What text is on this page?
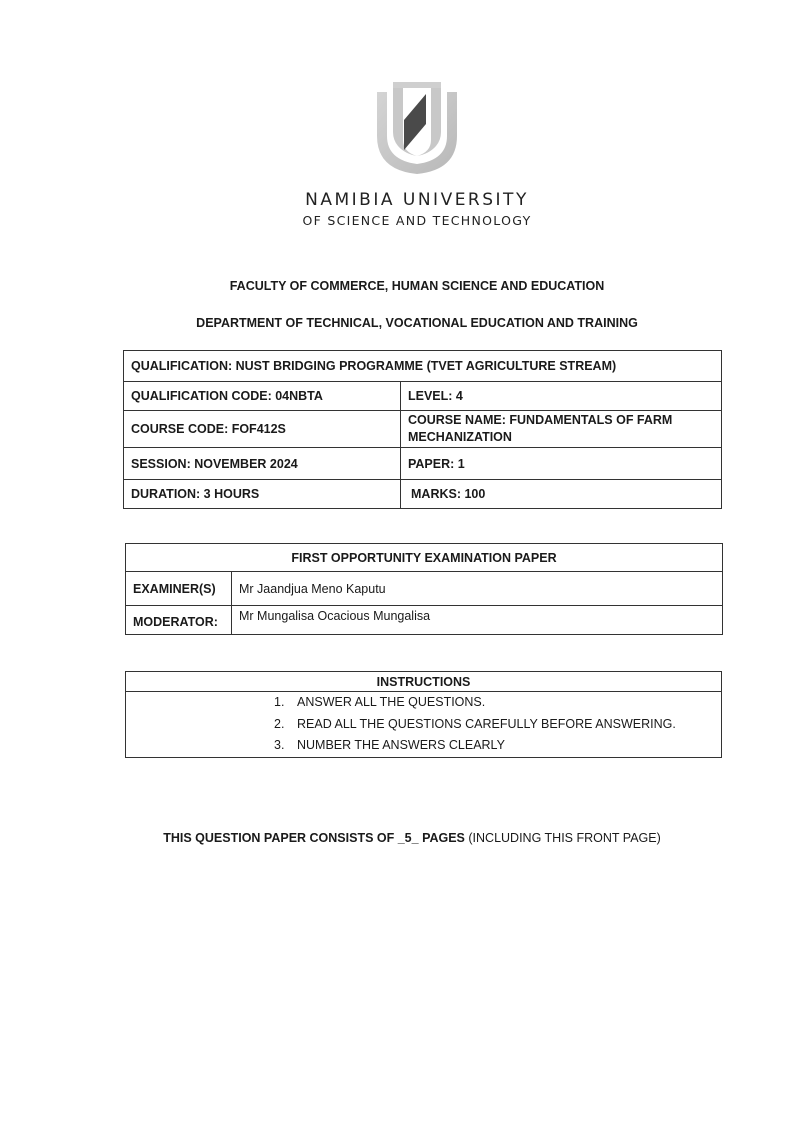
NAMIBIA UNIVERSITY
OF SCIENCE AND TECHNOLOGY
FACULTY OF COMMERCE, HUMAN SCIENCE AND EDUCATION
DEPARTMENT OF TECHNICAL, VOCATIONAL EDUCATION AND TRAINING
QUALIFICATION: NUST BRIDGING PROGRAMME (TVET AGRICULTURE STREAM)	
QUALIFICATION CODE: 04NBTA	LEVEL: 4
COURSE CODE: FOF412S	COURSE NAME: FUNDAMENTALS OF FARM MECHANIZATION
SESSION: NOVEMBER 2024	PAPER: 1
DURATION: 3 HOURS	MARKS: 100
FIRST OPPORTUNITY EXAMINATION PAPER	
EXAMINER(S)	Mr Jaandjua Meno Kaputu
MODERATOR:	Mr Mungalisa Ocacious Mungalisa
INSTRUCTIONS

1. ANSWER ALL THE QUESTIONS.
2. READ ALL THE QUESTIONS CAREFULLY BEFORE ANSWERING.
3. NUMBER THE ANSWERS CLEARLY
THIS QUESTION PAPER CONSISTS OF _5_ PAGES (INCLUDING THIS FRONT PAGE)
